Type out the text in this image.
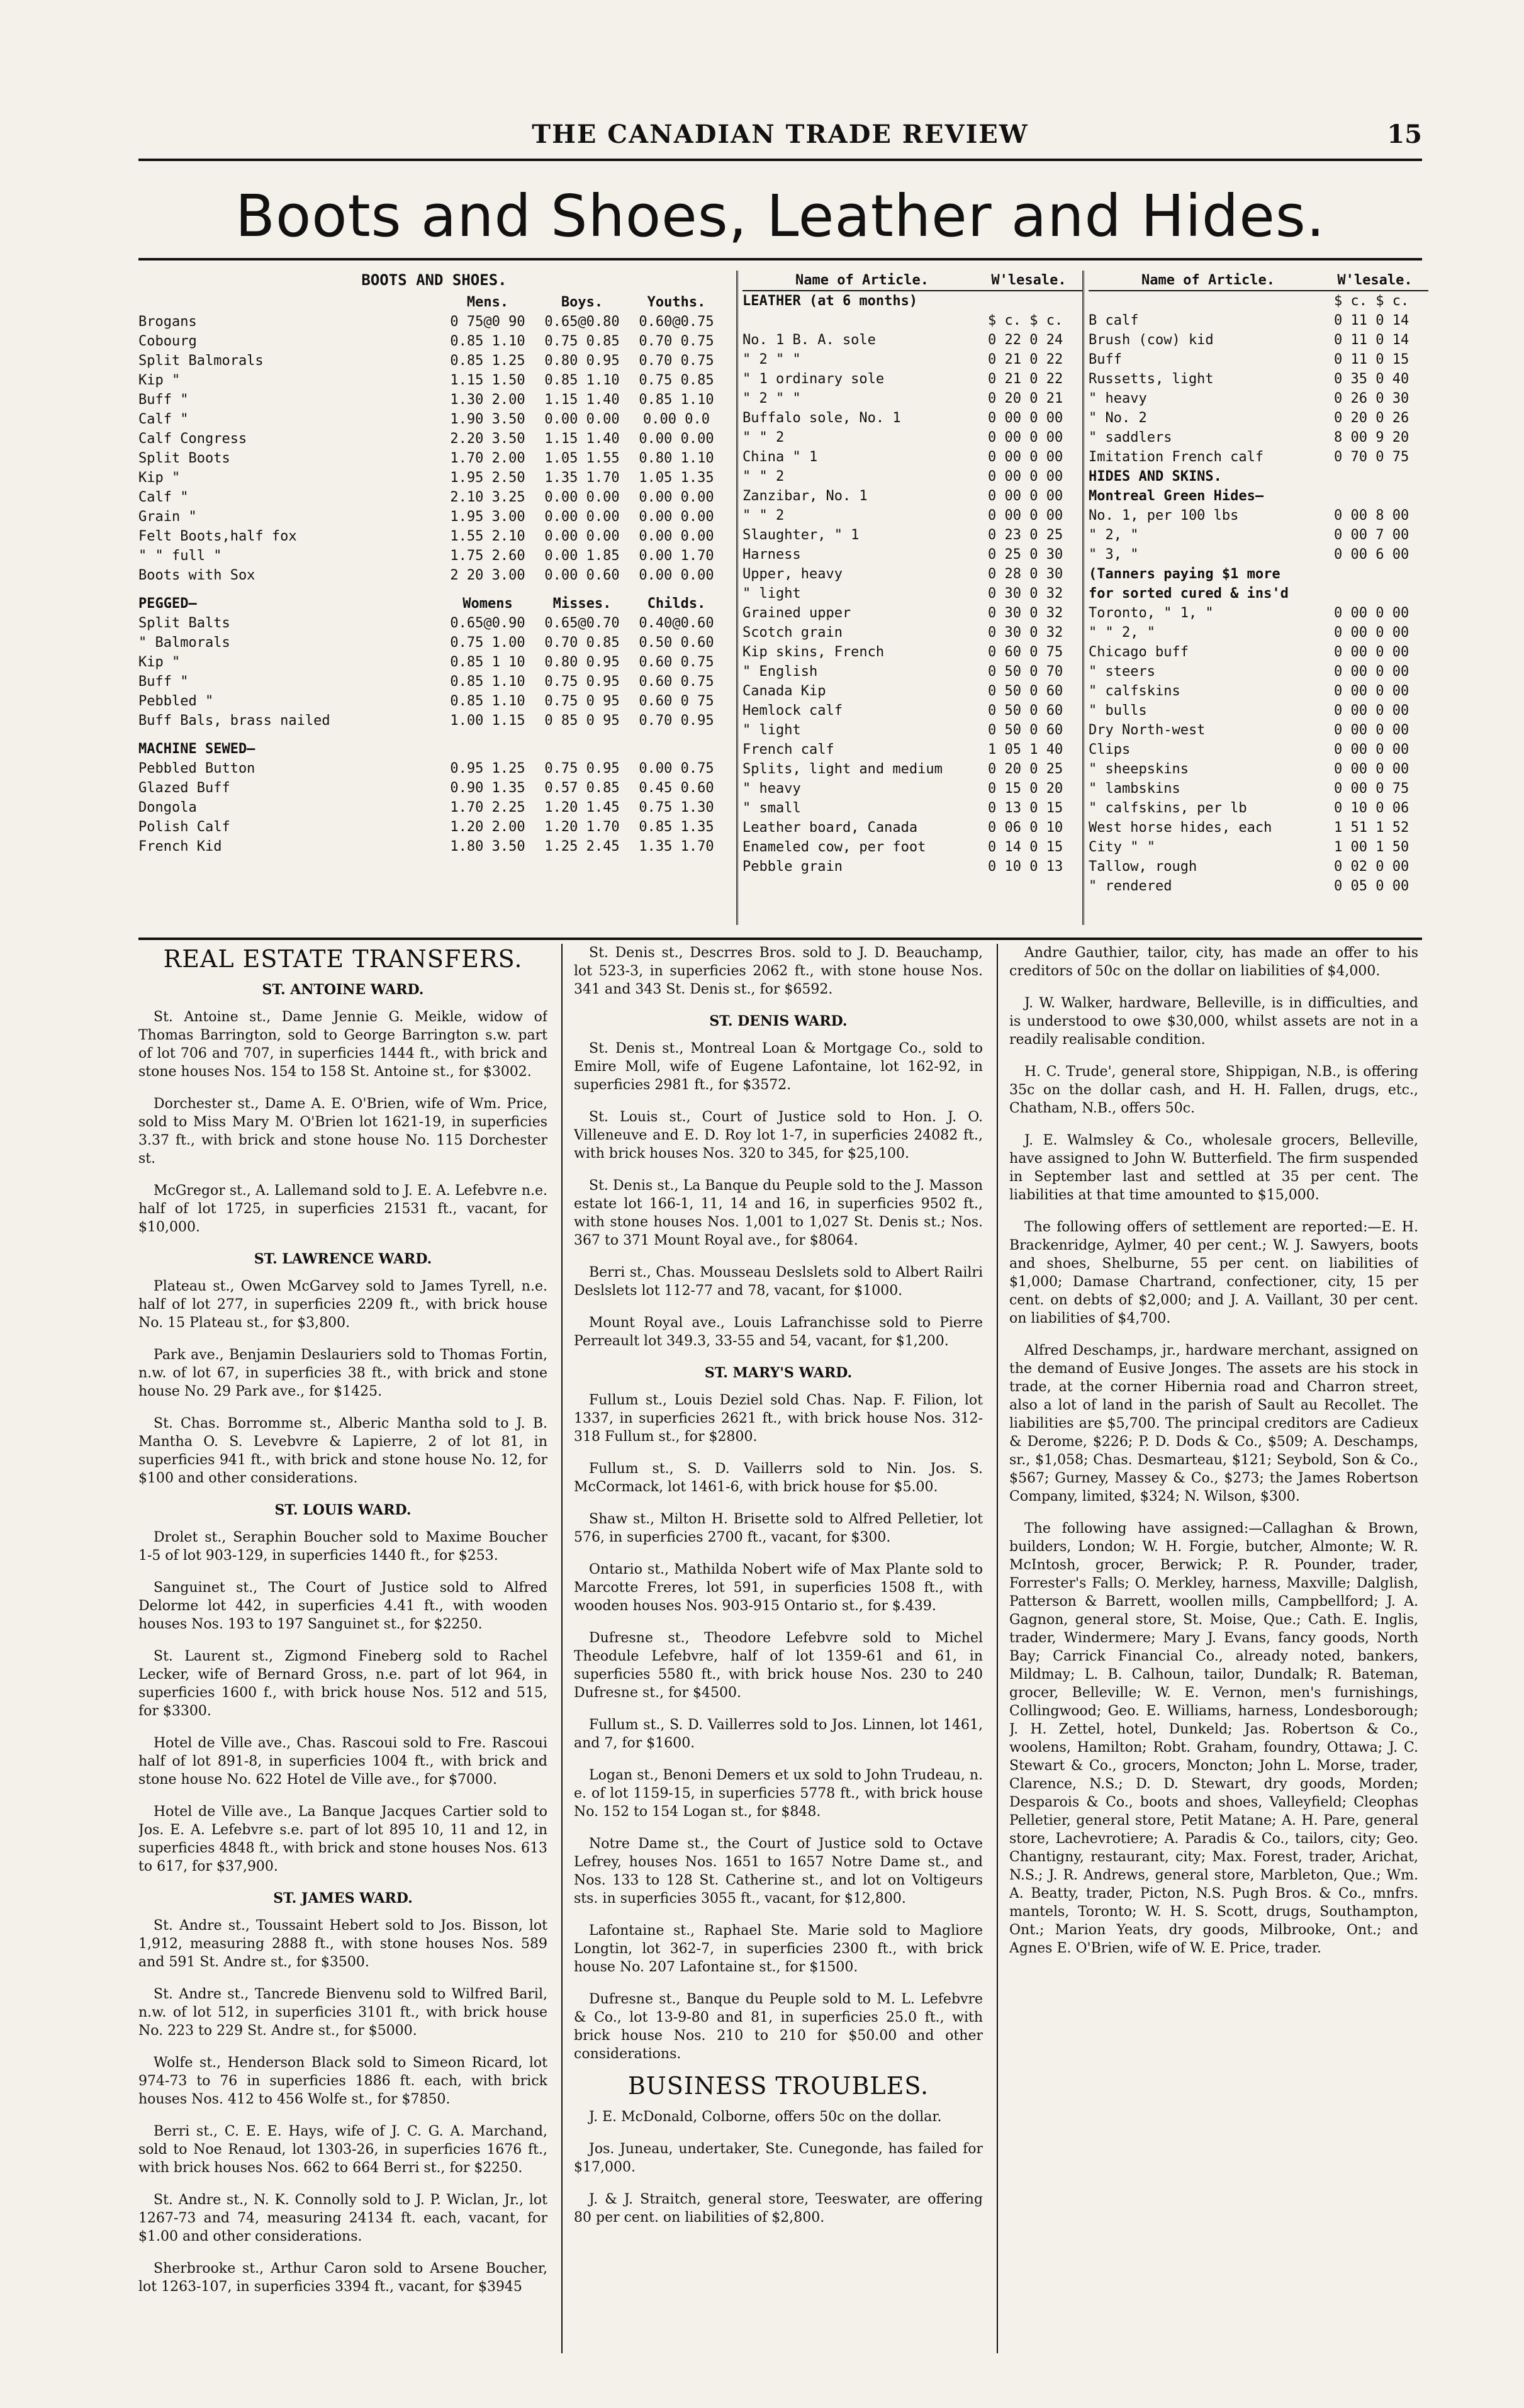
THE CANADIAN TRADE REVIEW	15
Boots and Shoes, Leather and Hides.
BOOTS AND SHOES.
Mens.	Boys.	Youths.
Brogans	0 75@0 90	0.65@0.80	0.60@0.75
Cobourg	0.85 1.10	0.75 0.85	0.70 0.75
Split Balmorals	0.85 1.25	0.80 0.95	0.70 0.75
Kip "	1.15 1.50	0.85 1.10	0.75 0.85
Buff "	1.30 2.00	1.15 1.40	0.85 1.10
Calf "	1.90 3.50	0.00 0.00	0.00 0.0
Calf Congress	2.20 3.50	1.15 1.40	0.00 0.00
Split Boots	1.70 2.00	1.05 1.55	0.80 1.10
Kip "	1.95 2.50	1.35 1.70	1.05 1.35
Calf "	2.10 3.25	0.00 0.00	0.00 0.00
Grain "	1.95 3.00	0.00 0.00	0.00 0.00
Felt Boots,half fox	1.55 2.10	0.00 0.00	0.00 0.00
" " full "	1.75 2.60	0.00 1.85	0.00 1.70
Boots with Sox	2 20 3.00	0.00 0.60	0.00 0.00
PEGGED—	Womens	Misses.	Childs.
Split Balts	0.65@0.90	0.65@0.70	0.40@0.60
" Balmorals	0.75 1.00	0.70 0.85	0.50 0.60
Kip "	0.85 1 10	0.80 0.95	0.60 0.75
Buff "	0.85 1.10	0.75 0.95	0.60 0.75
Pebbled "	0.85 1.10	0.75 0 95	0.60 0 75
Buff Bals, brass nailed	1.00 1.15	0 85 0 95	0.70 0.95
MACHINE SEWED—
Pebbled Button	0.95 1.25	0.75 0.95	0.00 0.75
Glazed Buff	0.90 1.35	0.57 0.85	0.45 0.60
Dongola	1.70 2.25	1.20 1.45	0.75 1.30
Polish Calf	1.20 2.00	1.20 1.70	0.85 1.35
French Kid	1.80 3.50	1.25 2.45	1.35 1.70
Name of Article.	W'lesale.
LEATHER (at 6 months)
$ c. $ c.
No. 1 B. A. sole	0 22 0 24
" 2 " "	0 21 0 22
" 1 ordinary sole	0 21 0 22
" 2 " "	0 20 0 21
Buffalo sole, No. 1	0 00 0 00
" " 2	0 00 0 00
China " 1	0 00 0 00
" " 2	0 00 0 00
Zanzibar, No. 1	0 00 0 00
" " 2	0 00 0 00
Slaughter, " 1	0 23 0 25
Harness	0 25 0 30
Upper, heavy	0 28 0 30
" light	0 30 0 32
Grained upper	0 30 0 32
Scotch grain	0 30 0 32
Kip skins, French	0 60 0 75
" English	0 50 0 70
Canada Kip	0 50 0 60
Hemlock calf	0 50 0 60
" light	0 50 0 60
French calf	1 05 1 40
Splits, light and medium	0 20 0 25
" heavy	0 15 0 20
" small	0 13 0 15
Leather board, Canada	0 06 0 10
Enameled cow, per foot	0 14 0 15
Pebble grain	0 10 0 13
Name of Article.	W'lesale.
$ c. $ c.
B calf	0 11 0 14
Brush (cow) kid	0 11 0 14
Buff	0 11 0 15
Russetts, light	0 35 0 40
" heavy	0 26 0 30
" No. 2	0 20 0 26
" saddlers	8 00 9 20
Imitation French calf	0 70 0 75
HIDES AND SKINS.
Montreal Green Hides—
No. 1, per 100 lbs	0 00 8 00
" 2, "	0 00 7 00
" 3, "	0 00 6 00
(Tanners paying $1 more
for sorted cured & ins'd
Toronto, " 1, "	0 00 0 00
" " 2, "	0 00 0 00
Chicago buff	0 00 0 00
" steers	0 00 0 00
" calfskins	0 00 0 00
" bulls	0 00 0 00
Dry North-west	0 00 0 00
Clips	0 00 0 00
" sheepskins	0 00 0 00
" lambskins	0 00 0 75
" calfskins, per lb	0 10 0 06
West horse hides, each	1 51 1 52
City " "	1 00 1 50
Tallow, rough	0 02 0 00
" rendered	0 05 0 00
REAL ESTATE TRANSFERS.
ST. ANTOINE WARD.

St. Antoine st., Dame Jennie G. Meikle, widow of Thomas Barrington, sold to George Barrington s.w. part of lot 706 and 707, in superficies 1444 ft., with brick and stone houses Nos. 154 to 158 St. Antoine st., for $3002.

Dorchester st., Dame A. E. O'Brien, wife of Wm. Price, sold to Miss Mary M. O'Brien lot 1621-19, in superficies 3.37 ft., with brick and stone house No. 115 Dorchester st.

McGregor st., A. Lallemand sold to J. E. A. Lefebvre n.e. half of lot 1725, in superficies 21531 ft., vacant, for $10,000.

ST. LAWRENCE WARD.

Plateau st., Owen McGarvey sold to James Tyrell, n.e. half of lot 277, in superficies 2209 ft., with brick house No. 15 Plateau st., for $3,800.

Park ave., Benjamin Deslauriers sold to Thomas Fortin, n.w. of lot 67, in superficies 38 ft., with brick and stone house No. 29 Park ave., for $1425.

St. Chas. Borromme st., Alberic Mantha sold to J. B. Mantha O. S. Levebvre & Lapierre, 2 of lot 81, in superficies 941 ft., with brick and stone house No. 12, for $100 and other considerations.

ST. LOUIS WARD.

Drolet st., Seraphin Boucher sold to Maxime Boucher 1-5 of lot 903-129, in superficies 1440 ft., for $253.

Sanguinet st., The Court of Justice sold to Alfred Delorme lot 442, in superficies 4.41 ft., with wooden houses Nos. 193 to 197 Sanguinet st., for $2250.

St. Laurent st., Zigmond Fineberg sold to Rachel Lecker, wife of Bernard Gross, n.e. part of lot 964, in superficies 1600 f., with brick house Nos. 512 and 515, for $3300.

Hotel de Ville ave., Chas. Rascoui sold to Fre. Rascoui half of lot 891-8, in superficies 1004 ft., with brick and stone house No. 622 Hotel de Ville ave., for $7000.

Hotel de Ville ave., La Banque Jacques Cartier sold to Jos. E. A. Lefebvre s.e. part of lot 895 10, 11 and 12, in superficies 4848 ft., with brick and stone houses Nos. 613 to 617, for $37,900.

ST. JAMES WARD.

St. Andre st., Toussaint Hebert sold to Jos. Bisson, lot 1,912, measuring 2888 ft., with stone houses Nos. 589 and 591 St. Andre st., for $3500.

St. Andre st., Tancrede Bienvenu sold to Wilfred Baril, n.w. of lot 512, in superficies 3101 ft., with brick house No. 223 to 229 St. Andre st., for $5000.

Wolfe st., Henderson Black sold to Simeon Ricard, lot 974-73 to 76 in superficies 1886 ft. each, with brick houses Nos. 412 to 456 Wolfe st., for $7850.

Berri st., C. E. E. Hays, wife of J. C. G. A. Marchand, sold to Noe Renaud, lot 1303-26, in superficies 1676 ft., with brick houses Nos. 662 to 664 Berri st., for $2250.

St. Andre st., N. K. Connolly sold to J. P. Wiclan, Jr., lot 1267-73 and 74, measuring 24134 ft. each, vacant, for $1.00 and other considerations.

Sherbrooke st., Arthur Caron sold to Arsene Boucher, lot 1263-107, in superficies 3394 ft., vacant, for $3945

St. Denis st., Descrres Bros. sold to J. D. Beauchamp, lot 523-3, in superficies 2062 ft., with stone house Nos. 341 and 343 St. Denis st., for $6592.

ST. DENIS WARD.

St. Denis st., Montreal Loan & Mortgage Co., sold to Emire Moll, wife of Eugene Lafontaine, lot 162-92, in superficies 2981 ft., for $3572.

St. Louis st., Court of Justice sold to Hon. J. O. Villeneuve and E. D. Roy lot 1-7, in superficies 24082 ft., with brick houses Nos. 320 to 345, for $25,100.

St. Denis st., La Banque du Peuple sold to the J. Masson estate lot 166-1, 11, 14 and 16, in superficies 9502 ft., with stone houses Nos. 1,001 to 1,027 St. Denis st.; Nos. 367 to 371 Mount Royal ave., for $8064.

Berri st., Chas. Mousseau Deslslets sold to Albert Railri Deslslets lot 112-77 and 78, vacant, for $1000.

Mount Royal ave., Louis Lafranchisse sold to Pierre Perreault lot 349.3, 33-55 and 54, vacant, for $1,200.

ST. MARY'S WARD.

Fullum st., Louis Deziel sold Chas. Nap. F. Filion, lot 1337, in superficies 2621 ft., with brick house Nos. 312-318 Fullum st., for $2800.

Fullum st., S. D. Vaillerrs sold to Nin. Jos. S. McCormack, lot 1461-6, with brick house for $5.00.

Shaw st., Milton H. Brisette sold to Alfred Pelletier, lot 576, in superficies 2700 ft., vacant, for $300.

Ontario st., Mathilda Nobert wife of Max Plante sold to Marcotte Freres, lot 591, in superficies 1508 ft., with wooden houses Nos. 903-915 Ontario st., for $.439.

Dufresne st., Theodore Lefebvre sold to Michel Theodule Lefebvre, half of lot 1359-61 and 61, in superficies 5580 ft., with brick house Nos. 230 to 240 Dufresne st., for $4500.

Fullum st., S. D. Vaillerres sold to Jos. Linnen, lot 1461, and 7, for $1600.

Logan st., Benoni Demers et ux sold to John Trudeau, n. e. of lot 1159-15, in superficies 5778 ft., with brick house No. 152 to 154 Logan st., for $848.

Notre Dame st., the Court of Justice sold to Octave Lefrey, houses Nos. 1651 to 1657 Notre Dame st., and Nos. 133 to 128 St. Catherine st., and lot on Voltigeurs sts. in superficies 3055 ft., vacant, for $12,800.

Lafontaine st., Raphael Ste. Marie sold to Magliore Longtin, lot 362-7, in superficies 2300 ft., with brick house No. 207 Lafontaine st., for $1500.

Dufresne st., Banque du Peuple sold to M. L. Lefebvre & Co., lot 13-9-80 and 81, in superficies 25.0 ft., with brick house Nos. 210 to 210 for $50.00 and other considerations.

BUSINESS TROUBLES.

J. E. McDonald, Colborne, offers 50c on the dollar.

Jos. Juneau, undertaker, Ste. Cunegonde, has failed for $17,000.

J. & J. Straitch, general store, Teeswater, are offering 80 per cent. on liabilities of $2,800.

Andre Gauthier, tailor, city, has made an offer to his creditors of 50c on the dollar on liabilities of $4,000.

J. W. Walker, hardware, Belleville, is in difficulties, and is understood to owe $30,000, whilst assets are not in a readily realisable condition.

H. C. Trude', general store, Shippigan, N.B., is offering 35c on the dollar cash, and H. H. Fallen, drugs, etc., Chatham, N.B., offers 50c.

J. E. Walmsley & Co., wholesale grocers, Belleville, have assigned to John W. Butterfield. The firm suspended in September last and settled at 35 per cent. The liabilities at that time amounted to $15,000.

The following offers of settlement are reported:—E. H. Brackenridge, Aylmer, 40 per cent.; W. J. Sawyers, boots and shoes, Shelburne, 55 per cent. on liabilities of $1,000; Damase Chartrand, confectioner, city, 15 per cent. on debts of $2,000; and J. A. Vaillant, 30 per cent. on liabilities of $4,700.

Alfred Deschamps, jr., hardware merchant, assigned on the demand of Eusive Jonges. The assets are his stock in trade, at the corner Hibernia road and Charron street, also a lot of land in the parish of Sault au Recollet. The liabilities are $5,700. The principal creditors are Cadieux & Derome, $226; P. D. Dods & Co., $509; A. Deschamps, sr., $1,058; Chas. Desmarteau, $121; Seybold, Son & Co., $567; Gurney, Massey & Co., $273; the James Robertson Company, limited, $324; N. Wilson, $300.

The following have assigned:—Callaghan & Brown, builders, London; W. H. Forgie, butcher, Almonte; W. R. McIntosh, grocer, Berwick; P. R. Pounder, trader, Forrester's Falls; O. Merkley, harness, Maxville; Dalglish, Patterson & Barrett, woollen mills, Campbellford; J. A. Gagnon, general store, St. Moise, Que.; Cath. E. Inglis, trader, Windermere; Mary J. Evans, fancy goods, North Bay; Carrick Financial Co., already noted, bankers, Mildmay; L. B. Calhoun, tailor, Dundalk; R. Bateman, grocer, Belleville; W. E. Vernon, men's furnishings, Collingwood; Geo. E. Williams, harness, Londesborough; J. H. Zettel, hotel, Dunkeld; Jas. Robertson & Co., woolens, Hamilton; Robt. Graham, foundry, Ottawa; J. C. Stewart & Co., grocers, Moncton; John L. Morse, trader, Clarence, N.S.; D. D. Stewart, dry goods, Morden; Desparois & Co., boots and shoes, Valleyfield; Cleophas Pelletier, general store, Petit Matane; A. H. Pare, general store, Lachevrotiere; A. Paradis & Co., tailors, city; Geo. Chantigny, restaurant, city; Max. Forest, trader, Arichat, N.S.; J. R. Andrews, general store, Marbleton, Que.; Wm. A. Beatty, trader, Picton, N.S. Pugh Bros. & Co., mnfrs. mantels, Toronto; W. H. S. Scott, drugs, Southampton, Ont.; Marion Yeats, dry goods, Milbrooke, Ont.; and Agnes E. O'Brien, wife of W. E. Price, trader.
